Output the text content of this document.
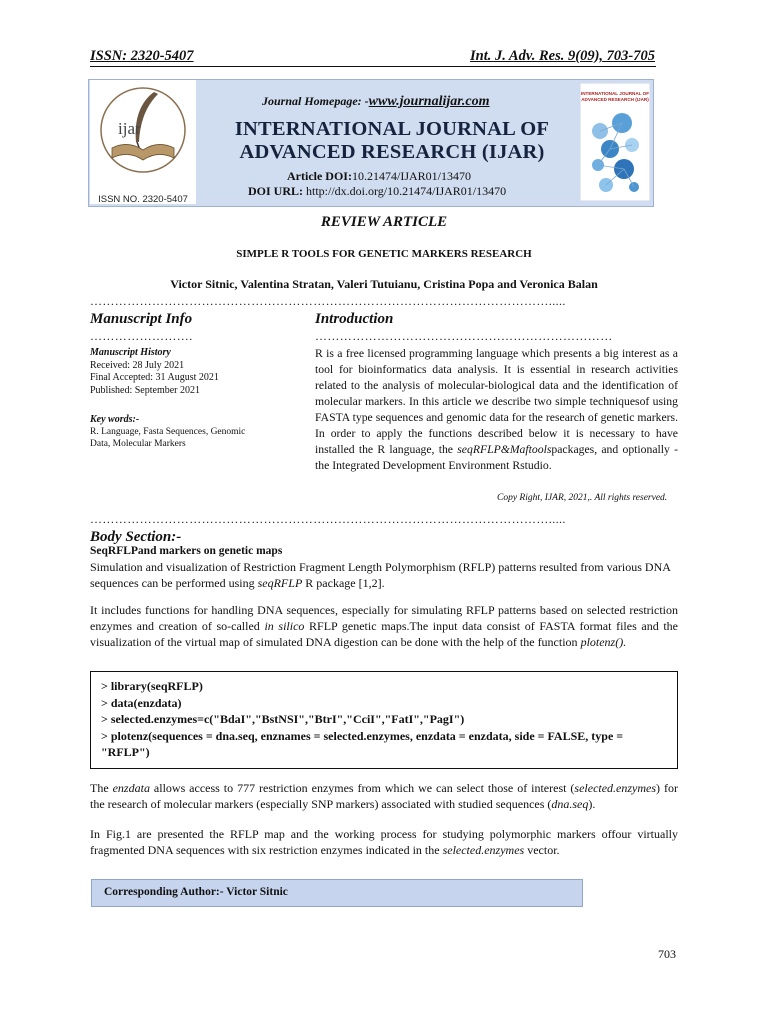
ISSN: 2320-5407	Int. J. Adv. Res. 9(09), 703-705
ijar
ISSN NO. 2320-5407
Journal Homepage: -www.journalijar.com
INTERNATIONAL JOURNAL OF
ADVANCED RESEARCH (IJAR)
Article DOI:10.21474/IJAR01/13470
DOI URL: http://dx.doi.org/10.21474/IJAR01/13470
INTERNATIONAL JOURNAL OF
ADVANCED RESEARCH (IJAR)
REVIEW ARTICLE
SIMPLE R TOOLS FOR GENETIC MARKERS RESEARCH
Victor Sitnic, Valentina Stratan, Valeri Tutuianu, Cristina Popa and Veronica Balan
………………………………………………………………………………………………….....
Manuscript Info
…………………….
Manuscript History
Received: 28 July 2021
Final Accepted: 31 August 2021
Published: September 2021
Key words:-
R. Language, Fasta Sequences, Genomic
Data, Molecular Markers
Introduction
………………………………………………………………
R is a free licensed programming language which presents a big interest as a tool for bioinformatics data analysis. It is essential in research activities related to the analysis of molecular-biological data and the identification of molecular markers. In this article we describe two simple techniquesof using FASTA type sequences and genomic data for the research of genetic markers. In order to apply the functions described below it is necessary to have installed the R language, the seqRFLP&Maftoolspackages, and optionally - the Integrated Development Environment Rstudio.
Copy Right, IJAR, 2021,. All rights reserved.
………………………………………………………………………………………………….....
Body Section:-
SeqRFLPand markers on genetic maps
Simulation and visualization of Restriction Fragment Length Polymorphism (RFLP) patterns resulted from various DNA sequences can be performed using seqRFLP R package [1,2].
It includes functions for handling DNA sequences, especially for simulating RFLP patterns based on selected restriction enzymes and creation of so-called in silico RFLP genetic maps.The input data consist of FASTA format files and the visualization of the virtual map of simulated DNA digestion can be done with the help of the function plotenz().
> library(seqRFLP)
> data(enzdata)
> selected.enzymes=c("BdaI","BstNSI","BtrI","CciI","FatI","PagI")
> plotenz(sequences = dna.seq, enznames = selected.enzymes, enzdata = enzdata, side = FALSE, type = "RFLP")
The enzdata allows access to 777 restriction enzymes from which we can select those of interest (selected.enzymes) for the research of molecular markers (especially SNP markers) associated with studied sequences (dna.seq).
In Fig.1 are presented the RFLP map and the working process for studying polymorphic markers offour virtually fragmented DNA sequences with six restriction enzymes indicated in the selected.enzymes vector.
Corresponding Author:- Victor Sitnic
703
